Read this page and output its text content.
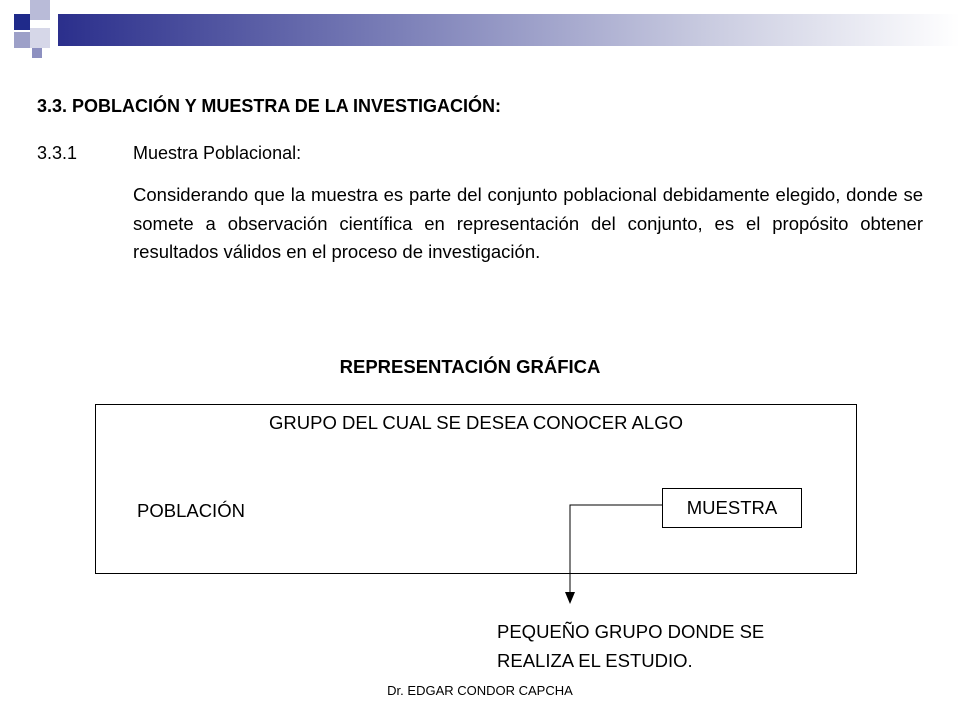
3.3. POBLACIÓN Y MUESTRA DE LA INVESTIGACIÓN:
3.3.1	Muestra Poblacional:
Considerando que la muestra es parte del conjunto poblacional debidamente elegido, donde se somete a observación científica en representación del conjunto, es el propósito obtener resultados válidos en el proceso de investigación.
REPRESENTACIÓN GRÁFICA
GRUPO DEL CUAL SE DESEA CONOCER ALGO
POBLACIÓN	MUESTRA
PEQUEÑO GRUPO DONDE SE
REALIZA EL ESTUDIO.
Dr. EDGAR CONDOR CAPCHA
